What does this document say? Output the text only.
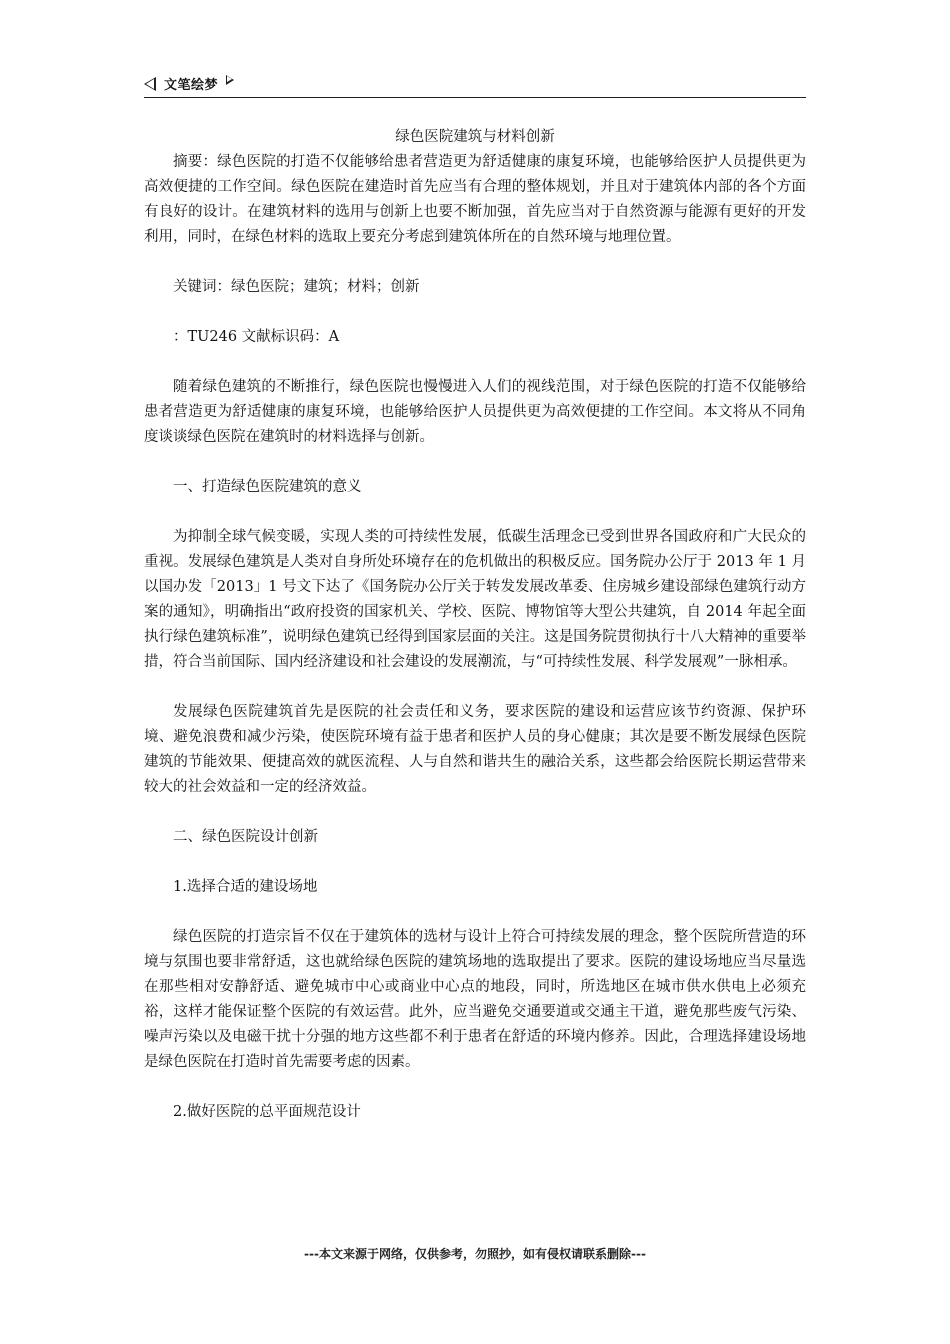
文笔绘梦

绿色医院建筑与材料创新

摘要：绿色医院的打造不仅能够给患者营造更为舒适健康的康复环境，也能够给医护人员提供更为高效便捷的工作空间。绿色医院在建造时首先应当有合理的整体规划，并且对于建筑体内部的各个方面有良好的设计。在建筑材料的选用与创新上也要不断加强，首先应当对于自然资源与能源有更好的开发利用，同时，在绿色材料的选取上要充分考虑到建筑体所在的自然环境与地理位置。

关键词：绿色医院；建筑；材料；创新

：TU246 文献标识码：A

随着绿色建筑的不断推行，绿色医院也慢慢进入人们的视线范围，对于绿色医院的打造不仅能够给患者营造更为舒适健康的康复环境，也能够给医护人员提供更为高效便捷的工作空间。本文将从不同角度谈谈绿色医院在建筑时的材料选择与创新。

一、打造绿色医院建筑的意义

为抑制全球气候变暖，实现人类的可持续性发展，低碳生活理念已受到世界各国政府和广大民众的重视。发展绿色建筑是人类对自身所处环境存在的危机做出的积极反应。国务院办公厅于 2013 年 1 月以国办发「2013」1 号文下达了《国务院办公厅关于转发发展改革委、住房城乡建设部绿色建筑行动方案的通知》，明确指出“政府投资的国家机关、学校、医院、博物馆等大型公共建筑，自 2014 年起全面执行绿色建筑标准”，说明绿色建筑已经得到国家层面的关注。这是国务院贯彻执行十八大精神的重要举措，符合当前国际、国内经济建设和社会建设的发展潮流，与“可持续性发展、科学发展观”一脉相承。

发展绿色医院建筑首先是医院的社会责任和义务，要求医院的建设和运营应该节约资源、保护环境、避免浪费和减少污染，使医院环境有益于患者和医护人员的身心健康；其次是要不断发展绿色医院建筑的节能效果、便捷高效的就医流程、人与自然和谐共生的融洽关系，这些都会给医院长期运营带来较大的社会效益和一定的经济效益。

二、绿色医院设计创新

1.选择合适的建设场地

绿色医院的打造宗旨不仅在于建筑体的选材与设计上符合可持续发展的理念，整个医院所营造的环境与氛围也要非常舒适，这也就给绿色医院的建筑场地的选取提出了要求。医院的建设场地应当尽量选在那些相对安静舒适、避免城市中心或商业中心点的地段，同时，所选地区在城市供水供电上必须充裕，这样才能保证整个医院的有效运营。此外，应当避免交通要道或交通主干道，避免那些废气污染、噪声污染以及电磁干扰十分强的地方这些都不利于患者在舒适的环境内修养。因此，合理选择建设场地是绿色医院在打造时首先需要考虑的因素。

2.做好医院的总平面规范设计

---本文来源于网络，仅供参考，勿照抄，如有侵权请联系删除---
